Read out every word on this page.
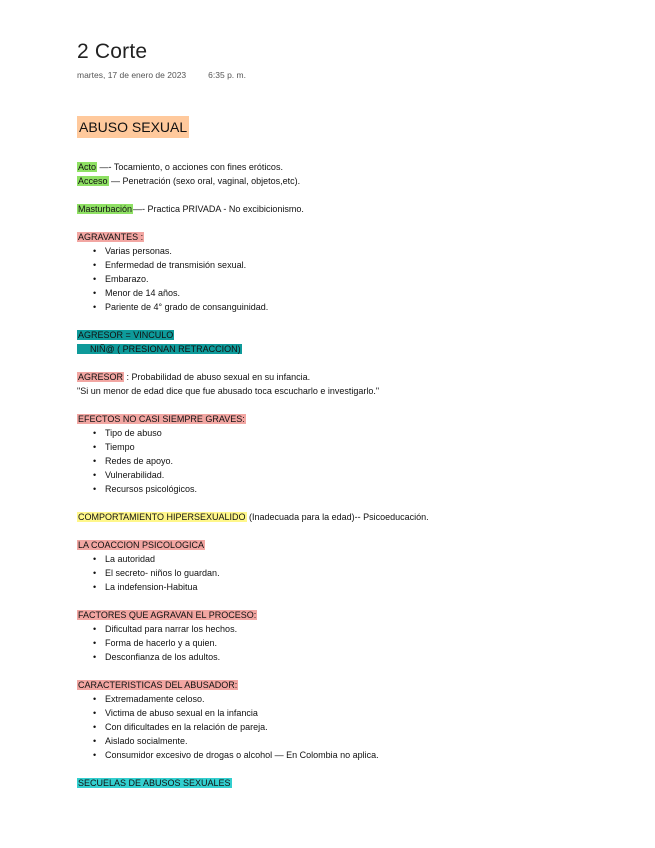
2 Corte
martes, 17 de enero de 2023	6:35 p. m.
ABUSO SEXUAL
Acto —- Tocamiento, o acciones con fines eróticos.
Acceso — Penetración (sexo oral, vaginal, objetos,etc).
Masturbación—- Practica PRIVADA - No excibicionismo.
AGRAVANTES :
• Varias personas.
• Enfermedad de transmisión sexual.
• Embarazo.
• Menor de 14 años.
• Pariente de 4° grado de consanguinidad.
AGRESOR = VINCULO
NIÑ@ ( PRESIONAN RETRACCION)
AGRESOR : Probabilidad de abuso sexual en su infancia.
"Si un menor de edad dice que fue abusado toca escucharlo e investigarlo."
EFECTOS NO CASI SIEMPRE GRAVES:
• Tipo de abuso
• Tiempo
• Redes de apoyo.
• Vulnerabilidad.
• Recursos psicológicos.
COMPORTAMIENTO HIPERSEXUALIDO (Inadecuada para la edad)-- Psicoeducación.
LA COACCION PSICOLOGICA
• La autoridad
• El secreto- niños lo guardan.
• La indefension-Habitua
FACTORES QUE AGRAVAN EL PROCESO:
• Dificultad para narrar los hechos.
• Forma de hacerlo y a quien.
• Desconfianza de los adultos.
CARACTERISTICAS DEL ABUSADOR:
• Extremadamente celoso.
• Victima de abuso sexual en la infancia
• Con dificultades en la relación de pareja.
• Aislado socialmente.
• Consumidor excesivo de drogas o alcohol — En Colombia no aplica.
SECUELAS DE ABUSOS SEXUALES
